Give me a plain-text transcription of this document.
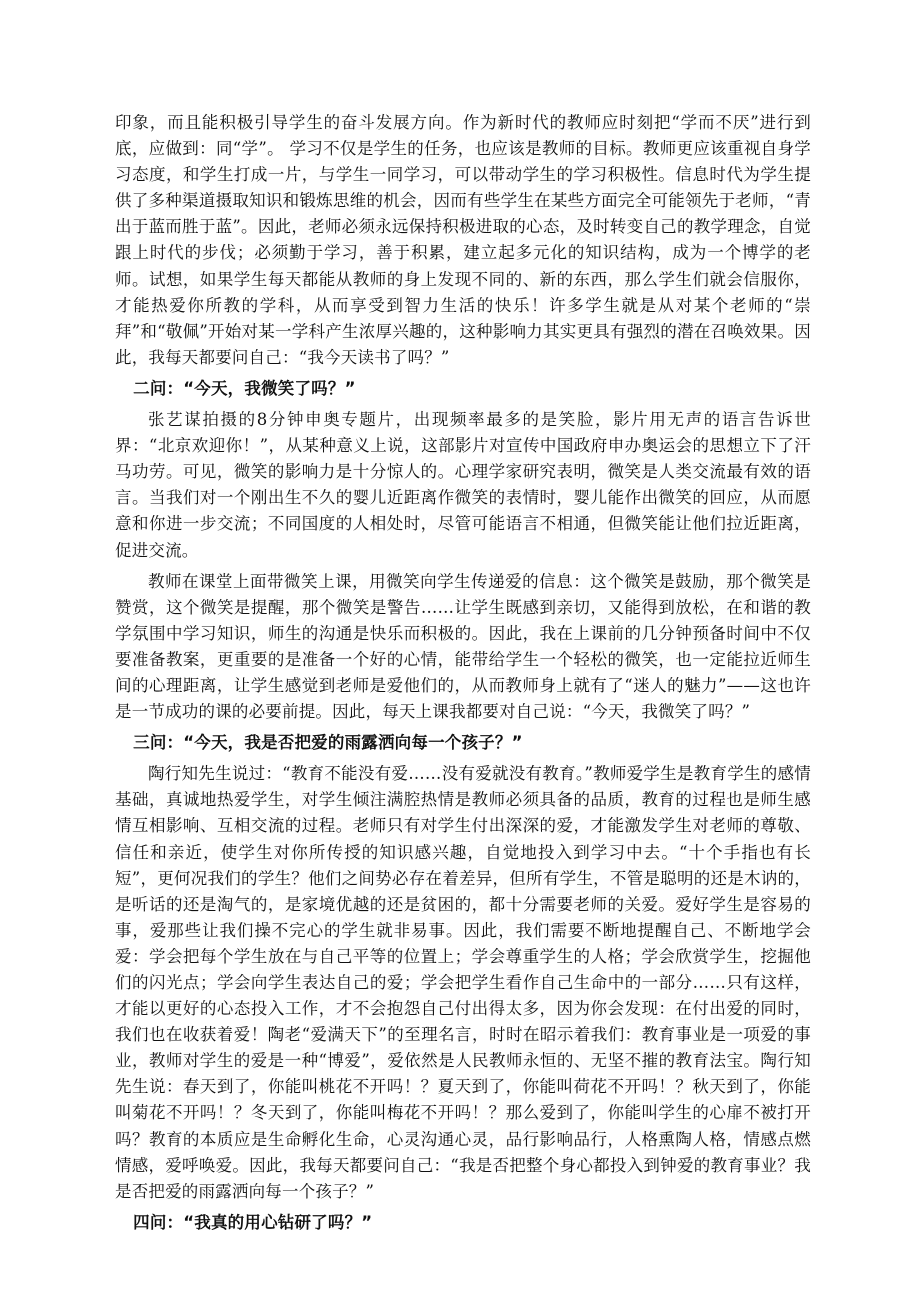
印象，而且能积极引导学生的奋斗发展方向。作为新时代的教师应时刻把“学而不厌”进行到底，应做到：同“学”。 学习不仅是学生的任务，也应该是教师的目标。教师更应该重视自身学习态度，和学生打成一片，与学生一同学习，可以带动学生的学习积极性。信息时代为学生提供了多种渠道摄取知识和锻炼思维的机会，因而有些学生在某些方面完全可能领先于老师，“青出于蓝而胜于蓝”。因此，老师必须永远保持积极进取的心态，及时转变自己的教学理念，自觉跟上时代的步伐；必须勤于学习，善于积累，建立起多元化的知识结构，成为一个博学的老师。试想，如果学生每天都能从教师的身上发现不同的、新的东西，那么学生们就会信服你，才能热爱你所教的学科，从而享受到智力生活的快乐！许多学生就是从对某个老师的“崇拜”和“敬佩”开始对某一学科产生浓厚兴趣的，这种影响力其实更具有强烈的潜在召唤效果。因此，我每天都要问自己：“我今天读书了吗？”

二问：“今天，我微笑了吗？”

张艺谋拍摄的8分钟申奥专题片，出现频率最多的是笑脸，影片用无声的语言告诉世界：“北京欢迎你！”，从某种意义上说，这部影片对宣传中国政府申办奥运会的思想立下了汗马功劳。可见，微笑的影响力是十分惊人的。心理学家研究表明，微笑是人类交流最有效的语言。当我们对一个刚出生不久的婴儿近距离作微笑的表情时，婴儿能作出微笑的回应，从而愿意和你进一步交流；不同国度的人相处时，尽管可能语言不相通，但微笑能让他们拉近距离，促进交流。

教师在课堂上面带微笑上课，用微笑向学生传递爱的信息：这个微笑是鼓励，那个微笑是赞赏，这个微笑是提醒，那个微笑是警告……让学生既感到亲切，又能得到放松，在和谐的教学氛围中学习知识，师生的沟通是快乐而积极的。因此，我在上课前的几分钟预备时间中不仅要准备教案，更重要的是准备一个好的心情，能带给学生一个轻松的微笑，也一定能拉近师生间的心理距离，让学生感觉到老师是爱他们的，从而教师身上就有了“迷人的魅力”——这也许是一节成功的课的必要前提。因此，每天上课我都要对自己说：“今天，我微笑了吗？”

三问：“今天，我是否把爱的雨露洒向每一个孩子？”

陶行知先生说过：“教育不能没有爱……没有爱就没有教育。”教师爱学生是教育学生的感情基础，真诚地热爱学生，对学生倾注满腔热情是教师必须具备的品质，教育的过程也是师生感情互相影响、互相交流的过程。老师只有对学生付出深深的爱，才能激发学生对老师的尊敬、信任和亲近，使学生对你所传授的知识感兴趣，自觉地投入到学习中去。“十个手指也有长短”，更何况我们的学生？他们之间势必存在着差异，但所有学生，不管是聪明的还是木讷的，是听话的还是淘气的，是家境优越的还是贫困的，都十分需要老师的关爱。爱好学生是容易的事，爱那些让我们操不完心的学生就非易事。因此，我们需要不断地提醒自己、不断地学会爱：学会把每个学生放在与自己平等的位置上；学会尊重学生的人格；学会欣赏学生，挖掘他们的闪光点；学会向学生表达自己的爱；学会把学生看作自己生命中的一部分……只有这样，才能以更好的心态投入工作，才不会抱怨自己付出得太多，因为你会发现：在付出爱的同时，我们也在收获着爱！陶老“爱满天下”的至理名言，时时在昭示着我们：教育事业是一项爱的事业，教师对学生的爱是一种“博爱”，爱依然是人民教师永恒的、无坚不摧的教育法宝。陶行知先生说：春天到了，你能叫桃花不开吗！？夏天到了，你能叫荷花不开吗！？秋天到了，你能叫菊花不开吗！？冬天到了，你能叫梅花不开吗！？那么爱到了，你能叫学生的心扉不被打开吗？教育的本质应是生命孵化生命，心灵沟通心灵，品行影响品行，人格熏陶人格，情感点燃情感，爱呼唤爱。因此，我每天都要问自己：“我是否把整个身心都投入到钟爱的教育事业？我是否把爱的雨露洒向每一个孩子？”

四问：“我真的用心钻研了吗？”
